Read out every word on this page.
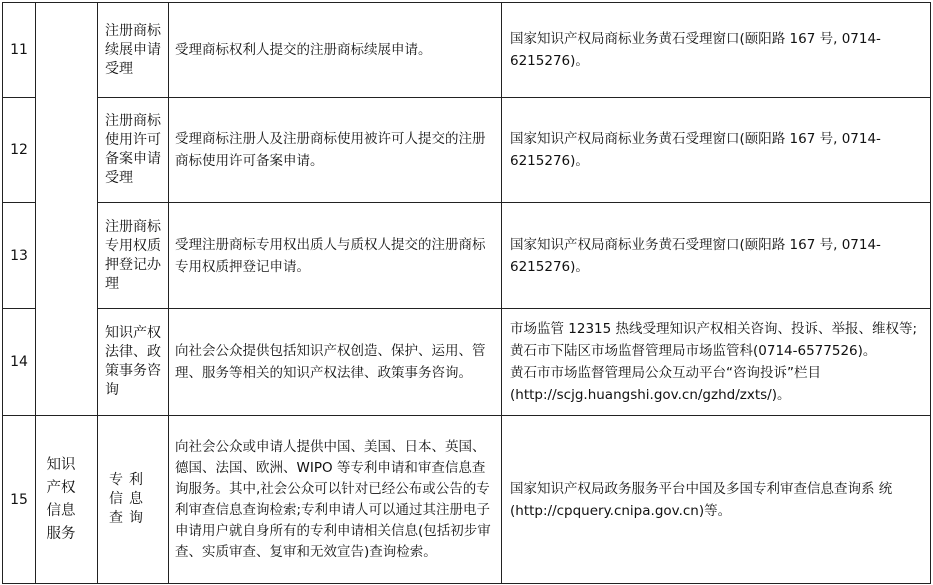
11		注册商标续展申请受理	受理商标权利人提交的注册商标续展申请。	国家知识产权局商标业务黄石受理窗口(颐阳路 167 号, 0714-6215276)。
12		注册商标使用许可备案申请受理	受理商标注册人及注册商标使用被许可人提交的注册商标使用许可备案申请。	国家知识产权局商标业务黄石受理窗口(颐阳路 167 号, 0714-6215276)。
13		注册商标专用权质押登记办理	受理注册商标专用权出质人与质权人提交的注册商标专用权质押登记申请。	国家知识产权局商标业务黄石受理窗口(颐阳路 167 号, 0714-6215276)。
14		知识产权法律、政策事务咨询	向社会公众提供包括知识产权创造、保护、运用、管理、服务等相关的知识产权法律、政策事务咨询。	市场监管 12315 热线受理知识产权相关咨询、投诉、举报、维权等;
黄石市下陆区市场监督管理局市场监管科(0714-6577526)。
黄石市市场监督管理局公众互动平台“咨询投诉”栏目 (http://scjg.huangshi.gov.cn/gzhd/zxts/)。

15	知识产权信息服务	专利信息查询	向社会公众或申请人提供中国、美国、日本、英国、德国、法国、欧洲、WIPO 等专利申请和审查信息查询服务。其中,社会公众可以针对已经公布或公告的专利审查信息查询检索;专利申请人可以通过其注册电子申请用户就自身所有的专利申请相关信息(包括初步审查、实质审查、复审和无效宣告)查询检索。	国家知识产权局政务服务平台中国及多国专利审查信息查询系 统(http://cpquery.cnipa.gov.cn)等。
